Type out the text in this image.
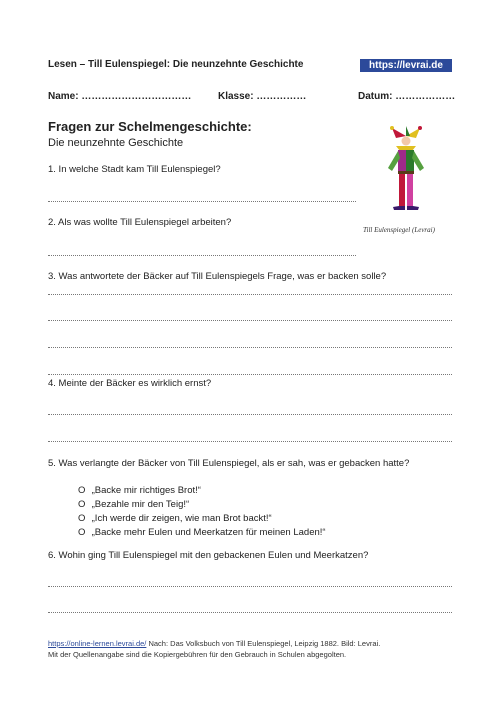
Lesen – Till Eulenspiegel: Die neunzehnte Geschichte	https://levrai.de
Name: ……………………………	Klasse: ……………	Datum: ………………
Fragen zur Schelmengeschichte:
Die neunzehnte Geschichte
Till Eulenspiegel (Levrai)
1. In welche Stadt kam Till Eulenspiegel?
2. Als was wollte Till Eulenspiegel arbeiten?
3. Was antwortete der Bäcker auf Till Eulenspiegels Frage, was er backen solle?
4. Meinte der Bäcker es wirklich ernst?
5. Was verlangte der Bäcker von Till Eulenspiegel, als er sah, was er gebacken hatte?
O „Backe mir richtiges Brot!“
O „Bezahle mir den Teig!“
O „Ich werde dir zeigen, wie man Brot backt!“
O „Backe mehr Eulen und Meerkatzen für meinen Laden!“
6. Wohin ging Till Eulenspiegel mit den gebackenen Eulen und Meerkatzen?
https://online-lernen.levrai.de/ Nach: Das Volksbuch von Till Eulenspiegel, Leipzig 1882. Bild: Levrai.
Mit der Quellenangabe sind die Kopiergebühren für den Gebrauch in Schulen abgegolten.
